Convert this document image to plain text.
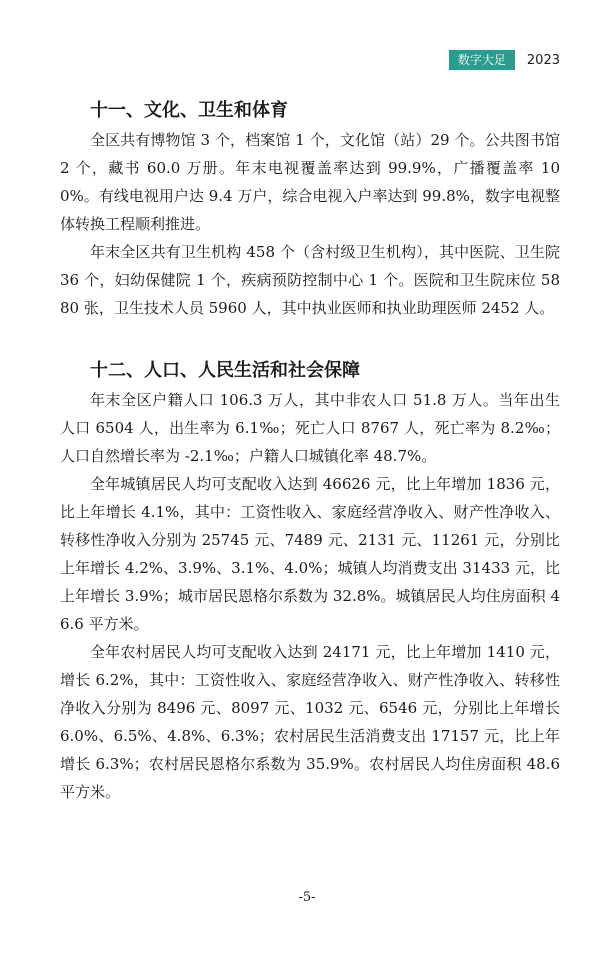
数字大足	2023
十一、文化、卫生和体育

全区共有博物馆 3 个，档案馆 1 个，文化馆（站）29 个。公共图书馆 2 个，藏书 60.0 万册。年末电视覆盖率达到 99.9%，广播覆盖率 100%。有线电视用户达 9.4 万户，综合电视入户率达到 99.8%，数字电视整体转换工程顺利推进。

年末全区共有卫生机构 458 个（含村级卫生机构），其中医院、卫生院 36 个，妇幼保健院 1 个，疾病预防控制中心 1 个。医院和卫生院床位 5880 张，卫生技术人员 5960 人，其中执业医师和执业助理医师 2452 人。

十二、人口、人民生活和社会保障

年末全区户籍人口 106.3 万人，其中非农人口 51.8 万人。当年出生人口 6504 人，出生率为 6.1‰；死亡人口 8767 人，死亡率为 8.2‰；人口自然增长率为 -2.1‰；户籍人口城镇化率 48.7%。

全年城镇居民人均可支配收入达到 46626 元，比上年增加 1836 元，比上年增长 4.1%，其中：工资性收入、家庭经营净收入、财产性净收入、转移性净收入分别为 25745 元、7489 元、2131 元、11261 元，分别比上年增长 4.2%、3.9%、3.1%、4.0%；城镇人均消费支出 31433 元，比上年增长 3.9%；城市居民恩格尔系数为 32.8%。城镇居民人均住房面积 46.6 平方米。

全年农村居民人均可支配收入达到 24171 元，比上年增加 1410 元，增长 6.2%，其中：工资性收入、家庭经营净收入、财产性净收入、转移性净收入分别为 8496 元、8097 元、1032 元、6546 元，分别比上年增长 6.0%、6.5%、4.8%、6.3%；农村居民生活消费支出 17157 元，比上年增长 6.3%；农村居民恩格尔系数为 35.9%。农村居民人均住房面积 48.6 平方米。

-5-
